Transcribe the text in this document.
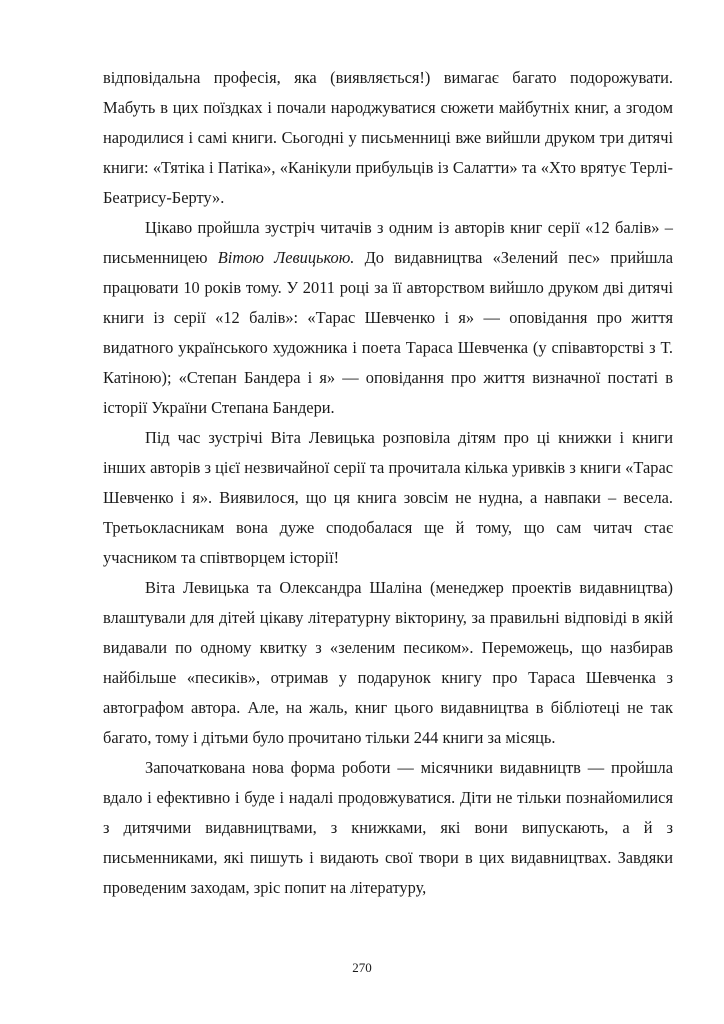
відповідальна професія, яка (виявляється!) вимагає багато подорожувати. Мабуть в цих поїздках і почали народжуватися сюжети майбутніх книг, а згодом народилися і самі книги. Сьогодні у письменниці вже вийшли друком три дитячі книги: «Тятіка і Патіка», «Канікули прибульців із Салатти» та «Хто врятує Терлі-Беатрису-Берту».

Цікаво пройшла зустріч читачів з одним із авторів книг серії «12 балів» – письменницею Вітою Левицькою. До видавництва «Зелений пес» прийшла працювати 10 років тому. У 2011 році за її авторством вийшло друком дві дитячі книги із серії «12 балів»: «Тарас Шевченко і я» — оповідання про життя видатного українського художника і поета Тараса Шевченка (у співавторстві з Т. Катіною); «Степан Бандера і я» — оповідання про життя визначної постаті в історії України Степана Бандери.

Під час зустрічі Віта Левицька розповіла дітям про ці книжки і книги інших авторів з цієї незвичайної серії та прочитала кілька уривків з книги «Тарас Шевченко і я». Виявилося, що ця книга зовсім не нудна, а навпаки – весела. Третьокласникам вона дуже сподобалася ще й тому, що сам читач стає учасником та співтворцем історії!

Віта Левицька та Олександра Шаліна (менеджер проектів видавництва) влаштували для дітей цікаву літературну вікторину, за правильні відповіді в якій видавали по одному квитку з «зеленим песиком». Переможець, що назбирав найбільше «песиків», отримав у подарунок книгу про Тараса Шевченка з автографом автора. Але, на жаль, книг цього видавництва в бібліотеці не так багато, тому і дітьми було прочитано тільки 244 книги за місяць.

Започаткована нова форма роботи — місячники видавництв — пройшла вдало і ефективно і буде і надалі продовжуватися. Діти не тільки познайомилися з дитячими видавництвами, з книжками, які вони випускають, а й з письменниками, які пишуть і видають свої твори в цих видавництвах. Завдяки проведеним заходам, зріс попит на літературу,

270
